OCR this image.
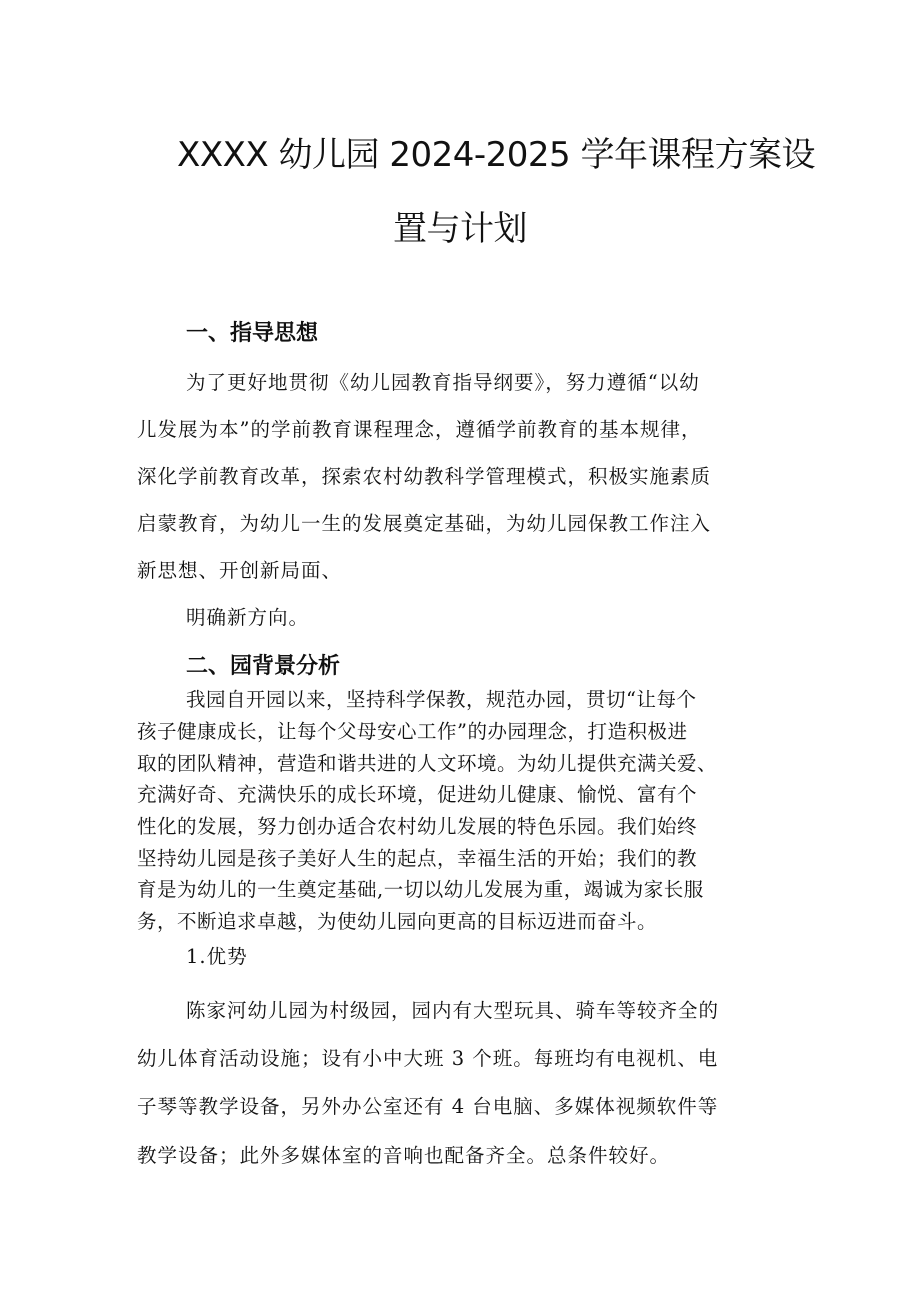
XXXX 幼儿园 2024-2025 学年课程方案设
置与计划
一、指导思想

为了更好地贯彻《幼儿园教育指导纲要》，努力遵循“以幼

儿发展为本”的学前教育课程理念，遵循学前教育的基本规律，

深化学前教育改革，探索农村幼教科学管理模式，积极实施素质

启蒙教育，为幼儿一生的发展奠定基础，为幼儿园保教工作注入

新思想、开创新局面、

明确新方向。

二、园背景分析

我园自开园以来，坚持科学保教，规范办园，贯切“让每个

孩子健康成长，让每个父母安心工作”的办园理念，打造积极进

取的团队精神，营造和谐共进的人文环境。为幼儿提供充满关爱、

充满好奇、充满快乐的成长环境，促进幼儿健康、愉悦、富有个

性化的发展，努力创办适合农村幼儿发展的特色乐园。我们始终

坚持幼儿园是孩子美好人生的起点，幸福生活的开始；我们的教

育是为幼儿的一生奠定基础,一切以幼儿发展为重，竭诚为家长服

务，不断追求卓越，为使幼儿园向更高的目标迈进而奋斗。

1.优势

陈家河幼儿园为村级园，园内有大型玩具、骑车等较齐全的

幼儿体育活动设施；设有小中大班 3 个班。每班均有电视机、电

子琴等教学设备，另外办公室还有 4 台电脑、多媒体视频软件等

教学设备；此外多媒体室的音响也配备齐全。总条件较好。
